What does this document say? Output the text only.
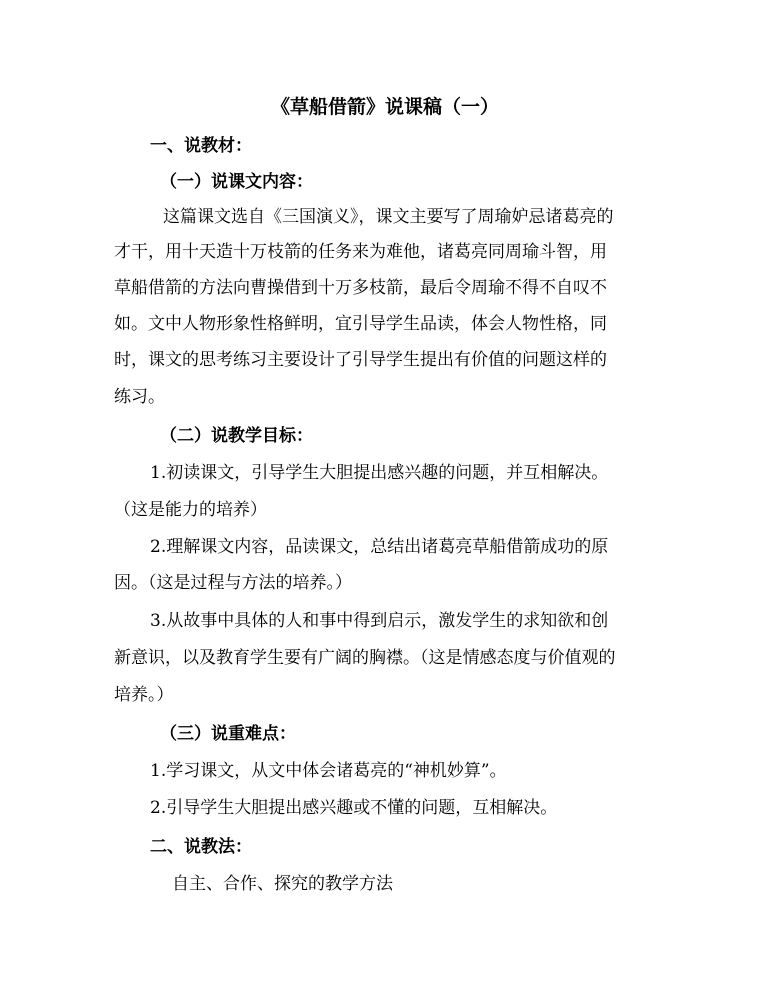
《草船借箭》说课稿（一）
一、说教材：
（一）说课文内容：
这篇课文选自《三国演义》，课文主要写了周瑜妒忌诸葛亮的
才干，用十天造十万枝箭的任务来为难他，诸葛亮同周瑜斗智，用
草船借箭的方法向曹操借到十万多枝箭，最后令周瑜不得不自叹不
如。文中人物形象性格鲜明，宜引导学生品读，体会人物性格，同
时，课文的思考练习主要设计了引导学生提出有价值的问题这样的
练习。
（二）说教学目标：
1.初读课文，引导学生大胆提出感兴趣的问题，并互相解决。
（这是能力的培养）
2.理解课文内容，品读课文，总结出诸葛亮草船借箭成功的原
因。（这是过程与方法的培养。）
3.从故事中具体的人和事中得到启示，激发学生的求知欲和创
新意识，以及教育学生要有广阔的胸襟。（这是情感态度与价值观的
培养。）
（三）说重难点：
1.学习课文，从文中体会诸葛亮的“神机妙算”。
2.引导学生大胆提出感兴趣或不懂的问题，互相解决。
二、说教法：
自主、合作、探究的教学方法
